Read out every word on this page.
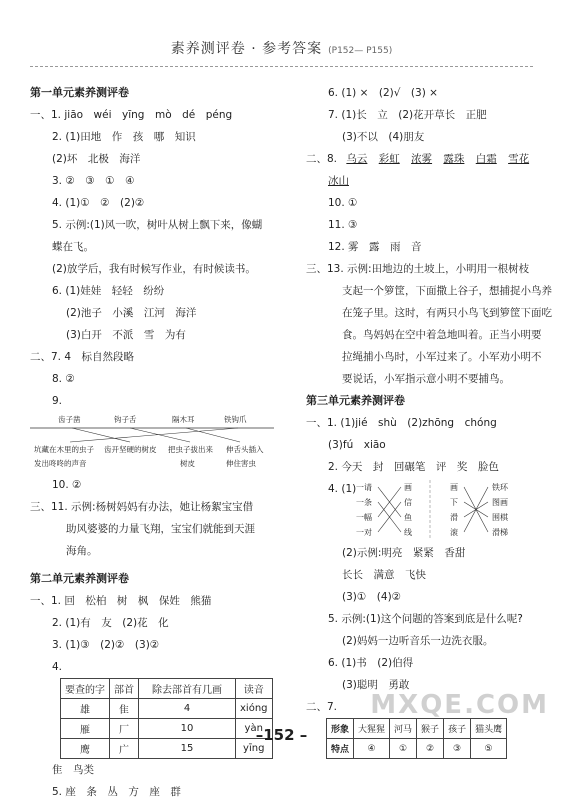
素养测评卷 · 参考答案 (P152— P155)
第一单元素养测评卷
一、1. jiāo　wéi　yīng　mò　dé　péng
2. (1)田地　作　孩　哪　知识
(2)坏　北极　海洋
3. ②　③　①　④
4. (1)①　②　(2)②
5. 示例:(1)风一吹，树叶从树上飘下来，像蝴
蝶在飞。
(2)放学后，我有时候写作业，有时候读书。
6. (1)娃娃　轻轻　纷纷
(2)池子　小溪　江河　海洋
(3)白开　不派　雪　为有
二、7. 4　标自然段略
8. ②
9.
齿子凿	钩子舌	隔木耳	铁钩爪
坑藏在木里的虫子 齿开坚硬的树皮 把虫子拔出来 伸舌头插入
发出咚咚的声音	树皮	伸住害虫
10. ②
三、11. 示例:杨树妈妈有办法，她让杨絮宝宝借
助风婆婆的力量飞翔，宝宝们就能到天涯
海角。
第二单元素养测评卷
一、1. 回　松柏　树　枫　保姓　熊猫
2. (1)有　友　(2)花　化
3. (1)③　(2)②　(3)②
4.
要查的字	部首	除去部首有几画	读音
雄	隹	4	xióng
雁	厂	10	yàn
鹰	广	15	yīng
隹　鸟类
5. 座　条　丛　方　座　群
6. (1) ×　(2)√　(3) ×
7. (1)长　立　(2)花开草长　正肥
(3)不以　(4)朋友
二、8. 乌云 彩虹 浓雾 露珠 白霜 雪花
冰山
10. ①
11. ③
12. 雾　露　雨　音
三、13. 示例:田地边的土坡上，小明用一根树枝
支起一个箩筐，下面撒上谷子，想捕捉小鸟养
在笼子里。这时，有两只小鸟飞到箩筐下面吃
食。鸟妈妈在空中着急地叫着。正当小明要
拉绳捕小鸟时，小军过来了。小军劝小明不
要说话，小军指示意小明不要捕鸟。
第三单元素养测评卷
一、1. (1)jié　shù　(2)zhōng　chóng
(3)fú　xiāo
2. 今天　封　回碾笔　评　奖　脸色
4. (1) 一请
一条
一幅
一对
画
信
鱼
线
画
下
滑
滚
铁环
图画
围棋
滑梯
(2)示例:明亮　紧紧　香甜
长长　满意　飞快
(3)①　(4)②
5. 示例:(1)这个问题的答案到底是什么呢?
(2)妈妈一边听音乐一边洗衣服。
6. (1)书　(2)伯得
(3)聪明　勇敢
二、7.
形象	大猩猩	河马	猴子	孩子	猫头鹰
特点	④	①	②	③	⑤
MXQE.COM
–152 –
